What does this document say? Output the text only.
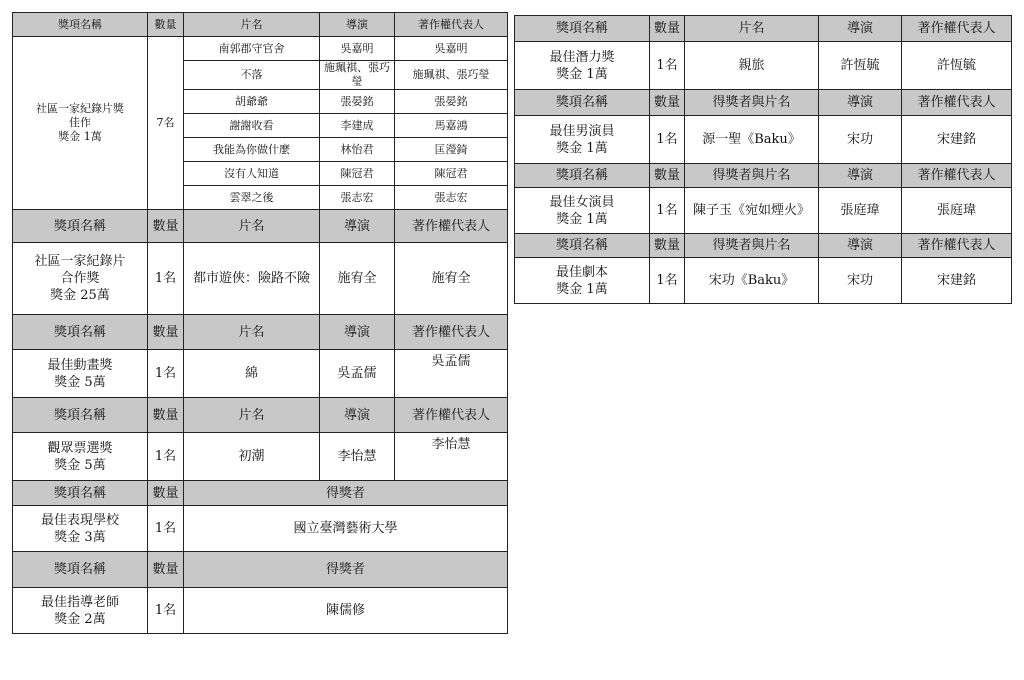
獎項名稱	數量	片名	導演	著作權代表人
社區一家紀錄片獎
佳作
獎金 1萬	7名	南郭郡守官舍	吳嘉明	吳嘉明
		不落	施珮祺、張巧瑩	施珮祺、張巧瑩
		胡爺爺	張晏銘	張晏銘
		謝謝收看	李建成	馬嘉鴻
		我能為你做什麼	林怡君	匡瀅錡
		沒有人知道	陳冠君	陳冠君
		雲翠之後	張志宏	張志宏
獎項名稱	數量	片名	導演	著作權代表人
社區一家紀錄片
合作獎
獎金 25萬	1名	都市遊俠：險路不險	施宥全	施宥全
獎項名稱	數量	片名	導演	著作權代表人
最佳動畫獎
獎金 5萬	1名	綿	吳孟儒	吳孟儒
獎項名稱	數量	片名	導演	著作權代表人
觀眾票選獎
獎金 5萬	1名	初潮	李怡慧	李怡慧
獎項名稱	數量	得獎者		
最佳表現學校
獎金 3萬	1名	國立臺灣藝術大學		
獎項名稱	數量	得獎者		
最佳指導老師
獎金 2萬	1名	陳儒修		
獎項名稱	數量	片名	導演	著作權代表人
最佳潛力獎
獎金 1萬	1名	親旅	許恆毓	許恆毓
獎項名稱	數量	得獎者與片名	導演	著作權代表人
最佳男演員
獎金 1萬	1名	源一聖《Baku》	宋功	宋建銘
獎項名稱	數量	得獎者與片名	導演	著作權代表人
最佳女演員
獎金 1萬	1名	陳子玉《宛如煙火》	張庭瑋	張庭瑋
獎項名稱	數量	得獎者與片名	導演	著作權代表人
最佳劇本
獎金 1萬	1名	宋功《Baku》	宋功	宋建銘
